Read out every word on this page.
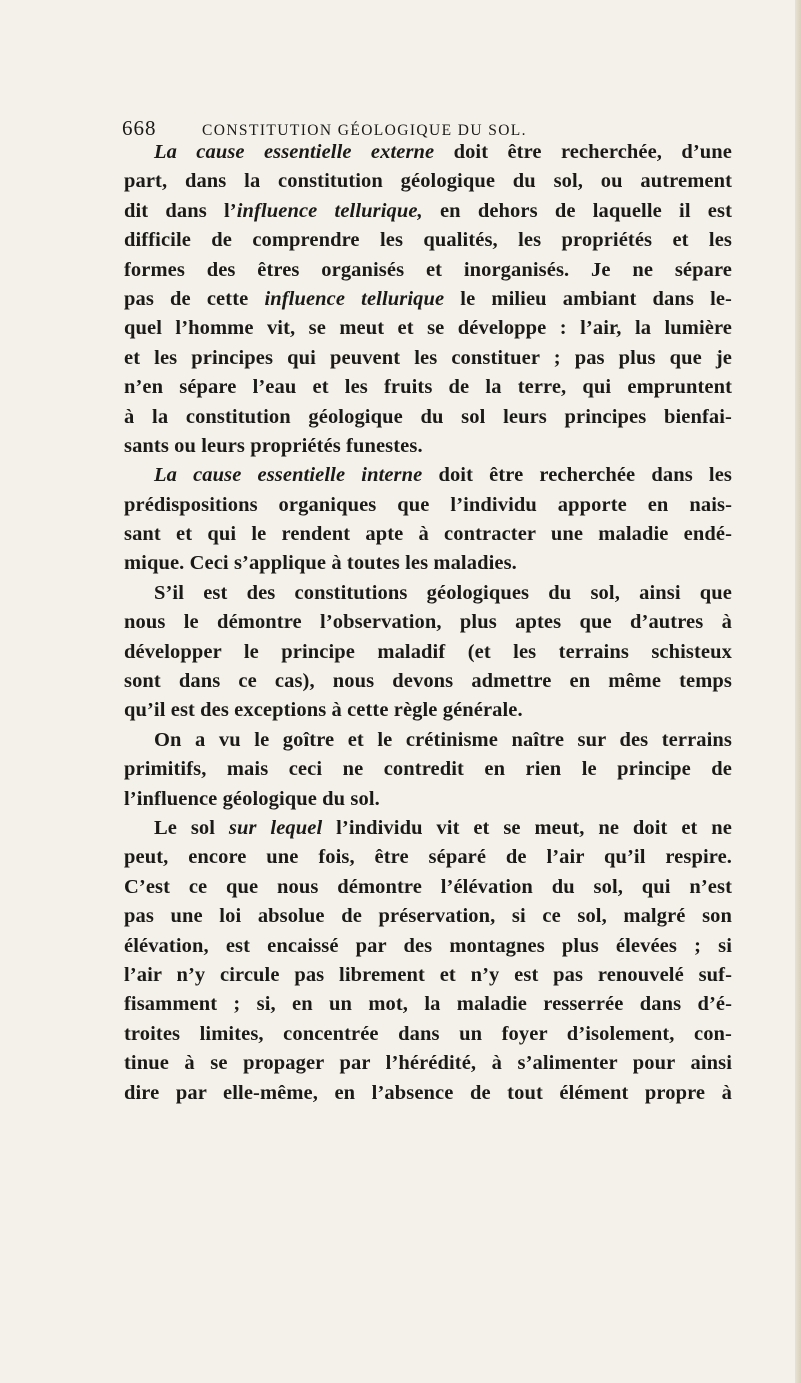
668	CONSTITUTION GÉOLOGIQUE DU SOL.
La cause essentielle externe doit être recherchée, d’une
part, dans la constitution géologique du sol, ou autrement
dit dans l’influence tellurique, en dehors de laquelle il est
difficile de comprendre les qualités, les propriétés et les
formes des êtres organisés et inorganisés. Je ne sépare
pas de cette influence tellurique le milieu ambiant dans le-
quel l’homme vit, se meut et se développe : l’air, la lumière
et les principes qui peuvent les constituer ; pas plus que je
n’en sépare l’eau et les fruits de la terre, qui empruntent
à la constitution géologique du sol leurs principes bienfai-
sants ou leurs propriétés funestes.
La cause essentielle interne doit être recherchée dans les
prédispositions organiques que l’individu apporte en nais-
sant et qui le rendent apte à contracter une maladie endé-
mique. Ceci s’applique à toutes les maladies.
S’il est des constitutions géologiques du sol, ainsi que
nous le démontre l’observation, plus aptes que d’autres à
développer le principe maladif (et les terrains schisteux
sont dans ce cas), nous devons admettre en même temps
qu’il est des exceptions à cette règle générale.
On a vu le goître et le crétinisme naître sur des terrains
primitifs, mais ceci ne contredit en rien le principe de
l’influence géologique du sol.
Le sol sur lequel l’individu vit et se meut, ne doit et ne
peut, encore une fois, être séparé de l’air qu’il respire.
C’est ce que nous démontre l’élévation du sol, qui n’est
pas une loi absolue de préservation, si ce sol, malgré son
élévation, est encaissé par des montagnes plus élevées ; si
l’air n’y circule pas librement et n’y est pas renouvelé suf-
fisamment ; si, en un mot, la maladie resserrée dans d’é-
troites limites, concentrée dans un foyer d’isolement, con-
tinue à se propager par l’hérédité, à s’alimenter pour ainsi
dire par elle-même, en l’absence de tout élément propre à
